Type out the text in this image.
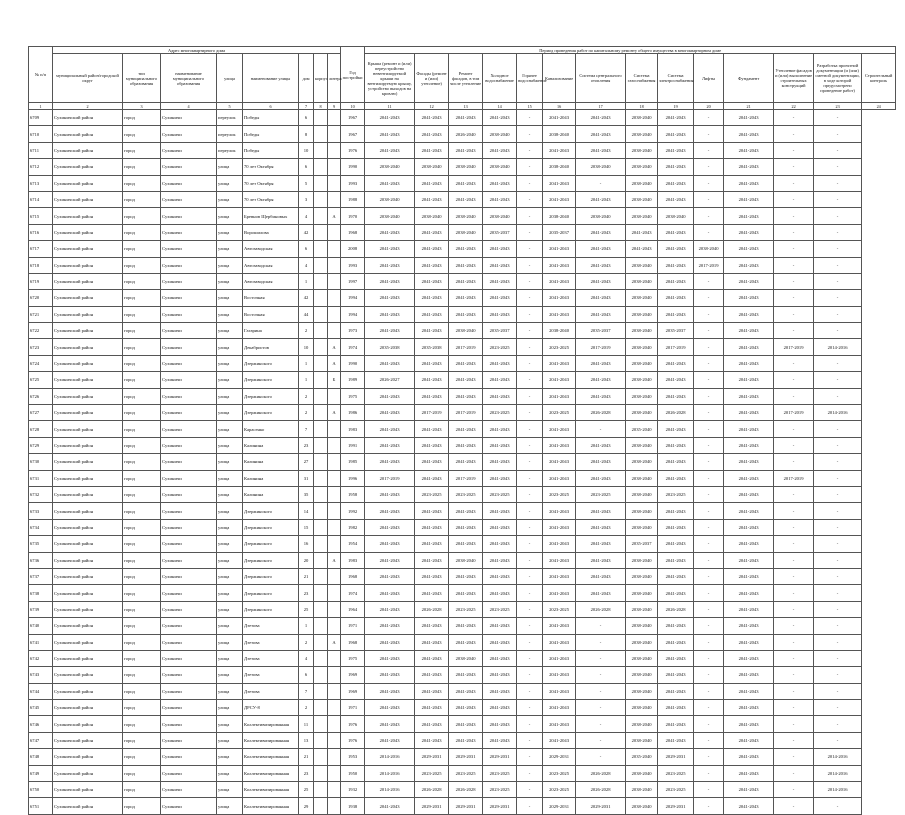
№ п/п	Адрес многоквартирного дома								Год постройки	Период проведения работ по капитальному ремонту общего имущества в многоквартирном доме													
	муниципальный район/городской округ	тип муниципального образования	наименование муниципального образования	улица	наименование улицы	дом	корпус	литера		Крыша (ремонт и (или) переустройство невентилируемой крыши на вентилируемую крышу, устройство выходов на кровлю)	Фасады (ремонт и (или) утепление)	Ремонт фасадов, в том числе утепление	Холодное водоснабжение	Горячее водоснабжение	Канализование	Система центрального отопления	Система газоснабжения	Система электроснабжения	Лифты	Фундамент	Утепление фасадов и (или) выполнение строительных конструкций	Разработка проектной документации (и (или) сметной документации, в ходе которой предусмотрено проведение работ)	Строительный контроль
1	2	3	4	5	6	7	8	9	10	11	12	13	14	15	16	17	18	19	20	21	22	23	24
6709	Сухиничский район	город	Сухиничи	переулок	Победы	6			1967	2041-2043	2041-2043	2041-2043	2041-2043	-	2041-2043	2041-2043	2038-2040	2041-2043	-	2041-2043	-	-	
6710	Сухиничский район	город	Сухиничи	переулок	Победы	8			1967	2041-2043	2041-2043	2026-2040	2038-2040	-	2038-2040	2041-2043	2038-2040	2041-2043	-	2041-2043	-	-	
6711	Сухиничский район	город	Сухиничи	переулок	Победы	10			1976	2041-2043	2041-2043	2041-2043	2041-2043	-	2041-2043	2041-2043	2038-2040	2041-2043	-	2041-2043	-	-	
6712	Сухиничский район	город	Сухиничи	улица	70 лет Октября	6			1990	2038-2040	2038-2040	2038-2040	2038-2040	-	2038-2040	2038-2040	2038-2040	2041-2043	-	2041-2043	-	-	
6713	Сухиничский район	город	Сухиничи	улица	70 лет Октября	5			1993	2041-2043	2041-2043	2041-2043	2041-2043	-	2041-2043	-	2038-2040	2041-2043	-	2041-2043	-	-	
6714	Сухиничский район	город	Сухиничи	улица	70 лет Октября	3			1988	2038-2040	2041-2043	2041-2043	2041-2043	-	2041-2043	2041-2043	2038-2040	2041-2043	-	2041-2043	-	-	
6715	Сухиничский район	город	Сухиничи	улица	Бревнов Щербиновых	4		А	1970	2038-2040	2038-2040	2038-2040	2038-2040	-	2038-2040	2038-2040	2038-2040	2038-2040	-	2041-2043	-	-	
6716	Сухиничский район	город	Сухиничи	улица	Ворошилова	42			1968	2041-2043	2041-2043	2038-2040	2035-2037	-	2035-2037	2041-2043	2041-2043	2041-2043	-	2041-2043	-	-	
6717	Сухиничский район	город	Сухиничи	улица	Автозаводская	6			2008	2041-2043	2041-2043	2041-2043	2041-2043	-	2041-2043	2041-2043	2041-2043	2041-2043	2038-2040	2041-2043	-	-	
6718	Сухиничский район	город	Сухиничи	улица	Автозаводская	4			1993	2041-2043	2041-2043	2041-2043	2041-2043	-	2041-2043	2041-2043	2038-2040	2041-2043	2017-2019	2041-2043	-	-	
6719	Сухиничский район	город	Сухиничи	улица	Автозаводская	1			1997	2041-2043	2041-2043	2041-2043	2041-2043	-	2041-2043	2041-2043	2038-2040	2041-2043	-	2041-2043	-	-	
6720	Сухиничский район	город	Сухиничи	улица	Восточная	42			1994	2041-2043	2041-2043	2041-2043	2041-2043	-	2041-2043	2041-2043	2038-2040	2041-2043	-	2041-2043	-	-	
6721	Сухиничский район	город	Сухиничи	улица	Восточная	44			1994	2041-2043	2041-2043	2041-2043	2041-2043	-	2041-2043	2041-2043	2038-2040	2041-2043	-	2041-2043	-	-	
6722	Сухиничский район	город	Сухиничи	улица	Гагарина	2			1973	2041-2043	2041-2043	2038-2040	2035-2037	-	2038-2040	2035-2037	2038-2040	2035-2037	-	2041-2043	-	-	
6723	Сухиничский район	город	Сухиничи	улица	Декабристов	10		А	1974	2035-2038	2035-2038	2017-2019	2023-2025	-	2023-2025	2017-2019	2038-2040	2017-2019	-	2041-2043	2017-2019	2014-2016	
6724	Сухиничский район	город	Сухиничи	улица	Дзержинского	1		А	1990	2041-2043	2041-2043	2041-2043	2041-2043	-	2041-2043	2041-2043	2038-2040	2041-2043	-	2041-2043	-	-	
6725	Сухиничский район	город	Сухиничи	улица	Дзержинского	1		Б	1989	2026-2027	2041-2043	2041-2043	2041-2043	-	2041-2043	2041-2043	2038-2040	2041-2043	-	2041-2043	-	-	
6726	Сухиничский район	город	Сухиничи	улица	Дзержинского	2			1975	2041-2043	2041-2043	2041-2043	2041-2043	-	2041-2043	2041-2043	2038-2040	2041-2043	-	2041-2043	-	-	
6727	Сухиничский район	город	Сухиничи	улица	Дзержинского	2		А	1986	2041-2043	2017-2019	2017-2019	2023-2025	-	2023-2025	2026-2028	2038-2040	2026-2028	-	2041-2043	2017-2019	2014-2016	
6728	Сухиничский район	город	Сухиничи	улица	Карасенко	7			1983	2041-2043	2041-2043	2041-2043	2041-2043	-	2041-2043	-	2035-2040	2041-2043	-	2041-2043	-	-	
6729	Сухиничский район	город	Сухиничи	улица	Калинина	23			1991	2041-2043	2041-2043	2041-2043	2041-2043	-	2041-2043	2041-2043	2038-2040	2041-2043	-	2041-2043	-	-	
6730	Сухиничский район	город	Сухиничи	улица	Калинина	27			1985	2041-2043	2041-2043	2041-2043	2041-2043	-	2041-2043	2041-2043	2038-2040	2041-2043	-	2041-2043	-	-	
6731	Сухиничский район	город	Сухиничи	улица	Калинина	31			1996	2017-2019	2041-2043	2017-2019	2041-2043	-	2041-2043	2041-2043	2038-2040	2041-2043	-	2041-2043	2017-2019	-	
6732	Сухиничский район	город	Сухиничи	улица	Калинина	35			1958	2041-2043	2023-2025	2023-2025	2023-2025	-	2023-2025	2023-2025	2038-2040	2023-2025	-	2041-2043	-	-	
6733	Сухиничский район	город	Сухиничи	улица	Дзержинского	14			1992	2041-2043	2041-2043	2041-2043	2041-2043	-	2041-2043	2041-2043	2038-2040	2041-2043	-	2041-2043	-	-	
6734	Сухиничский район	город	Сухиничи	улица	Дзержинского	15			1982	2041-2043	2041-2043	2041-2043	2041-2043	-	2041-2043	2041-2043	2038-2040	2041-2043	-	2041-2043	-	-	
6735	Сухиничский район	город	Сухиничи	улица	Дзержинского	16			1954	2041-2043	2041-2043	2041-2043	2041-2043	-	2041-2043	2041-2043	2035-2037	2041-2043	-	2041-2043	-	-	
6736	Сухиничский район	город	Сухиничи	улица	Дзержинского	20		А	1983	2041-2043	2041-2043	2038-2040	2041-2043	-	2041-2043	2041-2043	2038-2040	2041-2043	-	2041-2043	-	-	
6737	Сухиничский район	город	Сухиничи	улица	Дзержинского	21			1968	2041-2043	2041-2043	2041-2043	2041-2043	-	2041-2043	2041-2043	2038-2040	2041-2043	-	2041-2043	-	-	
6738	Сухиничский район	город	Сухиничи	улица	Дзержинского	23			1974	2041-2043	2041-2043	2041-2043	2041-2043	-	2041-2043	2041-2043	2038-2040	2041-2043	-	2041-2043	-	-	
6739	Сухиничский район	город	Сухиничи	улица	Дзержинского	25			1964	2041-2043	2026-2028	2023-2025	2023-2025	-	2023-2025	2026-2028	2038-2040	2026-2028	-	2041-2043	-	-	
6740	Сухиничский район	город	Сухиничи	улица	Дзетова	1			1971	2041-2043	2041-2043	2041-2043	2041-2043	-	2041-2043	-	2038-2040	2041-2043	-	2041-2043	-	-	
6741	Сухиничский район	город	Сухиничи	улица	Дзетова	2		А	1968	2041-2043	2041-2043	2041-2043	2041-2043	-	2041-2043	-	2038-2040	2041-2043	-	2041-2043	-	-	
6742	Сухиничский район	город	Сухиничи	улица	Дзетова	4			1975	2041-2043	2041-2043	2038-2040	2041-2043	-	2041-2043	-	2038-2040	2041-2043	-	2041-2043	-	-	
6743	Сухиничский район	город	Сухиничи	улица	Дзетова	6			1969	2041-2043	2041-2043	2041-2043	2041-2043	-	2041-2043	-	2038-2040	2041-2043	-	2041-2043	-	-	
6744	Сухиничский район	город	Сухиничи	улица	Дзетова	7			1969	2041-2043	2041-2043	2041-2043	2041-2043	-	2041-2043	-	2038-2040	2041-2043	-	2041-2043	-	-	
6745	Сухиничский район	город	Сухиничи	улица	ДРСУ-8	2			1971	2041-2043	2041-2043	2041-2043	2041-2043	-	2041-2043	-	2038-2040	2041-2043	-	2041-2043	-	-	
6746	Сухиничский район	город	Сухиничи	улица	Коллективизированная	11			1976	2041-2043	2041-2043	2041-2043	2041-2043	-	2041-2043	-	2038-2040	2041-2043	-	2041-2043	-	-	
6747	Сухиничский район	город	Сухиничи	улица	Коллективизированная	13			1976	2041-2043	2041-2043	2041-2043	2041-2043	-	2041-2043	-	2038-2040	2041-2043	-	2041-2043	-	-	
6748	Сухиничский район	город	Сухиничи	улица	Коллективизированная	21			1953	2014-2016	2029-2031	2029-2031	2029-2031	-	2029-2031	-	2035-2040	2029-2031	-	2041-2043	-	2014-2016	
6749	Сухиничский район	город	Сухиничи	улица	Коллективизированная	23			1950	2014-2016	2023-2025	2023-2025	2023-2025	-	2023-2025	2026-2028	2038-2040	2023-2025	-	2041-2043	-	2014-2016	
6750	Сухиничский район	город	Сухиничи	улица	Коллективизированная	25			1932	2014-2016	2026-2028	2026-2028	2023-2025	-	2023-2025	2026-2028	2038-2040	2023-2025	-	2041-2043	-	2014-2016	
6751	Сухиничский район	город	Сухиничи	улица	Коллективизированная	29			1938	2041-2043	2029-2031	2029-2031	2029-2031	-	2029-2031	2029-2031	2038-2040	2029-2031	-	2041-2043	-	-	
